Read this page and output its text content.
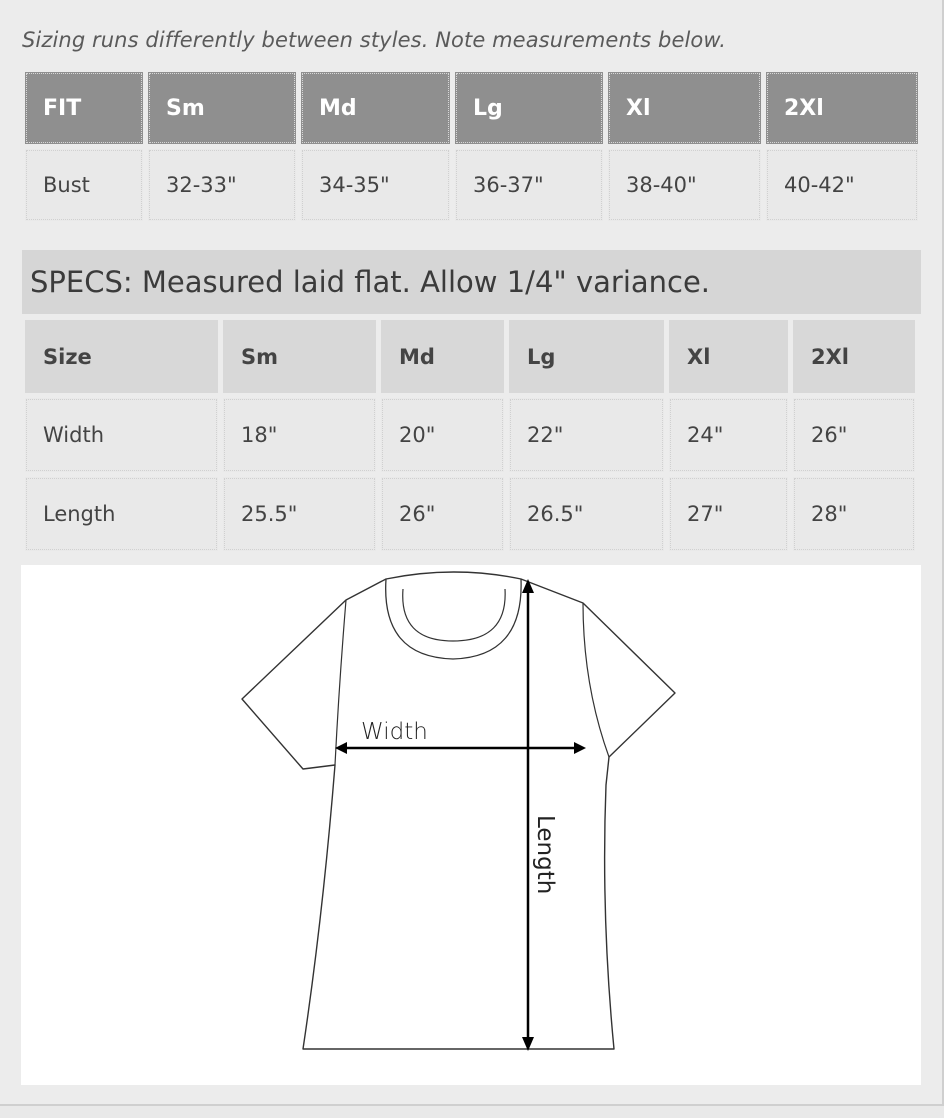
Sizing runs differently between styles. Note measurements below.
FIT	Sm	Md	Lg	Xl	2Xl
Bust	32-33"	34-35"	36-37"	38-40"	40-42"
SPECS: Measured laid flat. Allow 1/4" variance.
Size	Sm	Md	Lg	Xl	2Xl
Width	18"	20"	22"	24"	26"
Length	25.5"	26"	26.5"	27"	28"
Width
Length
